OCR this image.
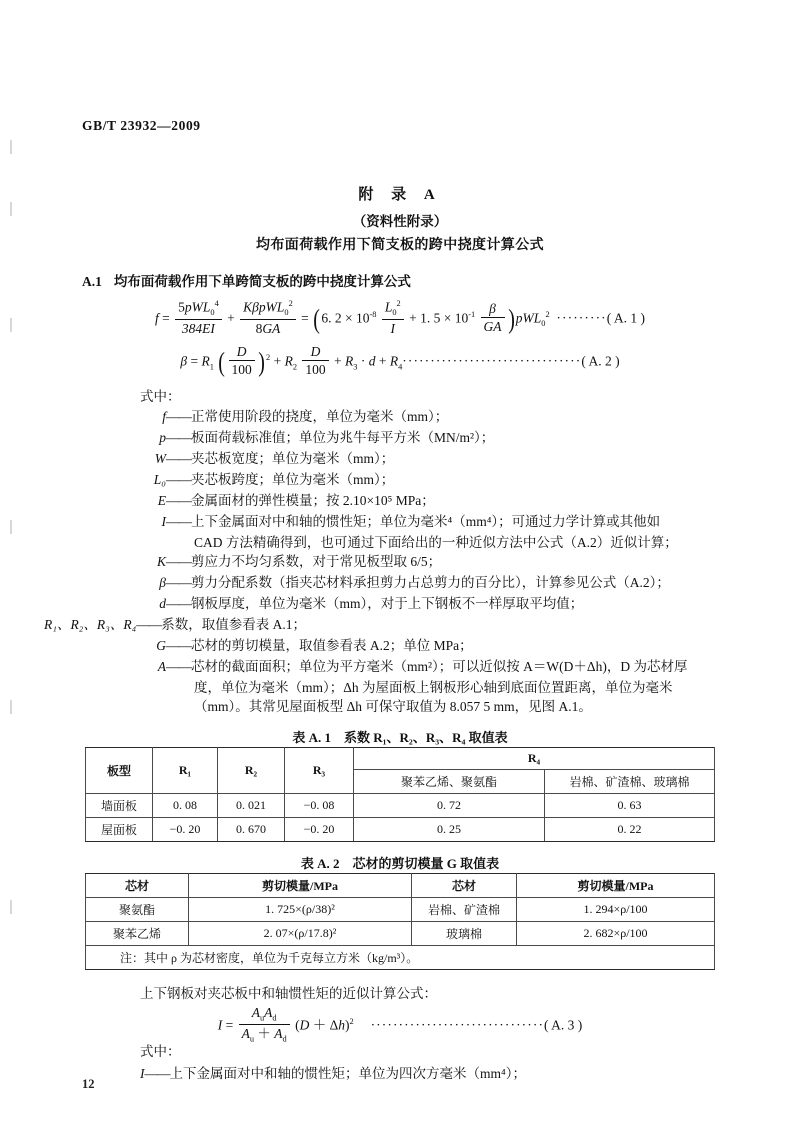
GB/T 23932—2009
附 录 A
（资料性附录）
均布面荷载作用下简支板的跨中挠度计算公式
A.1 均布面荷载作用下单跨简支板的跨中挠度计算公式
$f = \frac{5pWL_0^4}{384EI} + \frac{K\beta pWL_0^2}{8GA} = (6$. $2 \times 10^{-8} \frac{L_0^2}{I} + 1$. $5 \times 10^{-1} \frac{\beta}{GA} )pWL_0^2$ ·········( A. 1 )
$\beta = R_1$ ( $\frac{D}{100} )^2 + R_2 \frac{D}{100} + R_3 \cdot d + R_4\cdot\cdot\cdot\cdot\cdot\cdot\cdot\cdot\cdot\cdot\cdot\cdot\cdot\cdot\cdot\cdot\cdot\cdot\cdot\cdot\cdot\cdot\cdot\cdot\cdot\cdot\cdot\cdot\cdot\cdot\cdot\cdot$( A. 2 )
式中：
f —— 正常使用阶段的挠度，单位为毫米（mm）；
p —— 板面荷载标准值；单位为兆牛每平方米（MN/m²）；
W —— 夹芯板宽度；单位为毫米（mm）；
L₀ —— 夹芯板跨度；单位为毫米（mm）；
E —— 金属面材的弹性模量；按 2.10×10⁵ MPa；
I —— 上下金属面对中和轴的惯性矩；单位为毫米⁴（mm⁴）；可通过力学计算或其他如
CAD 方法精确得到，也可通过下面给出的一种近似方法中公式（A.2）近似计算；
K —— 剪应力不均匀系数，对于常见板型取 6/5；
β —— 剪力分配系数（指夹芯材料承担剪力占总剪力的百分比），计算参见公式（A.2）；
d —— 钢板厚度，单位为毫米（mm），对于上下钢板不一样厚取平均值；
R₁、R₂、R₃、R₄ —— 系数，取值参看表 A.1；
G —— 芯材的剪切模量，取值参看表 A.2；单位 MPa；
A —— 芯材的截面面积；单位为平方毫米（mm²）；可以近似按 A＝W(D＋Δh)，D 为芯材厚
度，单位为毫米（mm）；Δh 为屋面板上钢板形心轴到底面位置距离，单位为毫米
（mm）。其常见屋面板型 Δh 可保守取值为 8.057 5 mm，见图 A.1。
表 A. 1　系数 R₁、R₂、R₃、R₄ 取值表
板型	R₁	R₂	R₃	R₄	
				聚苯乙烯、聚氨酯	岩棉、矿渣棉、玻璃棉
墙面板	0. 08	0. 021	−0. 08	0. 72	0. 63
屋面板	−0. 20	0. 670	−0. 20	0. 25	0. 22
表 A. 2　芯材的剪切模量 G 取值表
芯材	剪切模量/MPa	芯材	剪切模量/MPa
聚氨酯	1. 725×(ρ/38)²	岩棉、矿渣棉	1. 294×ρ/100
聚苯乙烯	2. 07×(ρ/17.8)²	玻璃棉	2. 682×ρ/100
注：其中 ρ 为芯材密度，单位为千克每立方米（kg/m³）。			
上下钢板对夹芯板中和轴惯性矩的近似计算公式：
$I = \frac{A_uA_d}{A_u + A_d} (D + \Delta h)^2$ ·······························( A. 3 )
式中：
I——上下金属面对中和轴的惯性矩；单位为四次方毫米（mm⁴）；
12
